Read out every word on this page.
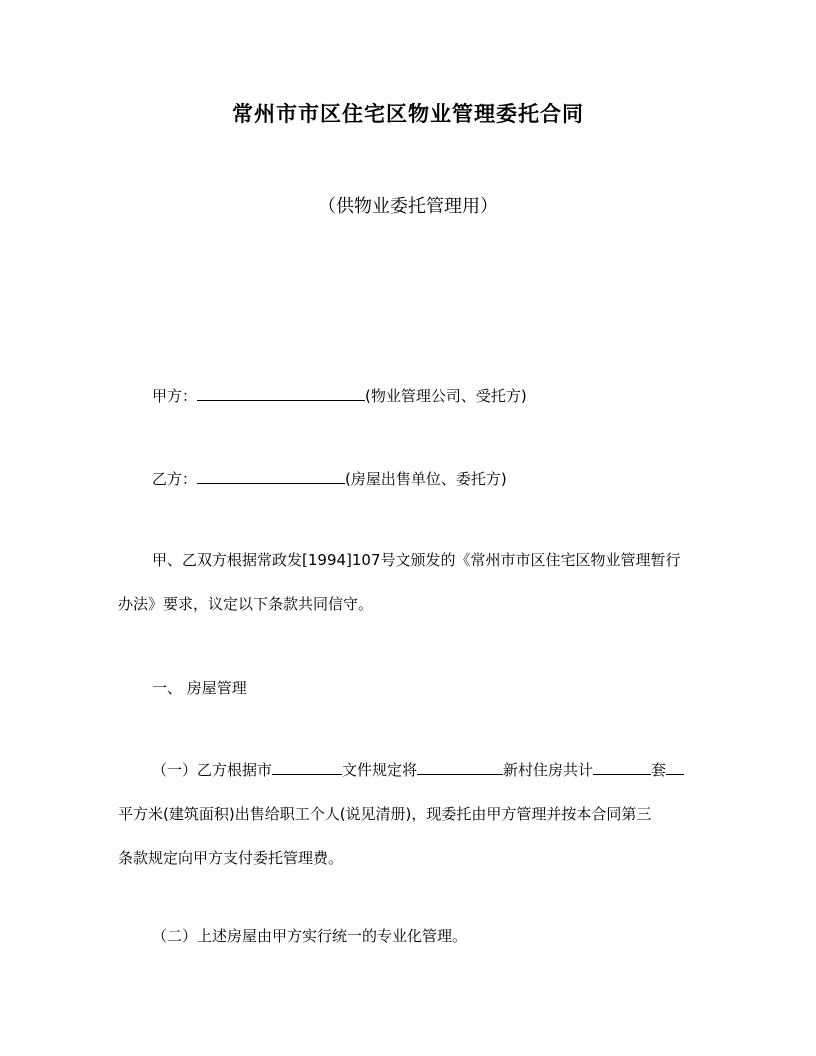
常州市市区住宅区物业管理委托合同
（供物业委托管理用）
甲方：	(物业管理公司、受托方)
乙方：	(房屋出售单位、委托方)
甲、乙双方根据常政发[1994]107号文颁发的《常州市市区住宅区物业管理暂行
办法》要求，议定以下条款共同信守。
一、 房屋管理
（一）乙方根据市	文件规定将	新村住房共计	套
平方米(建筑面积)出售给职工个人(说见清册)，现委托由甲方管理并按本合同第三
条款规定向甲方支付委托管理费。
（二）上述房屋由甲方实行统一的专业化管理。
